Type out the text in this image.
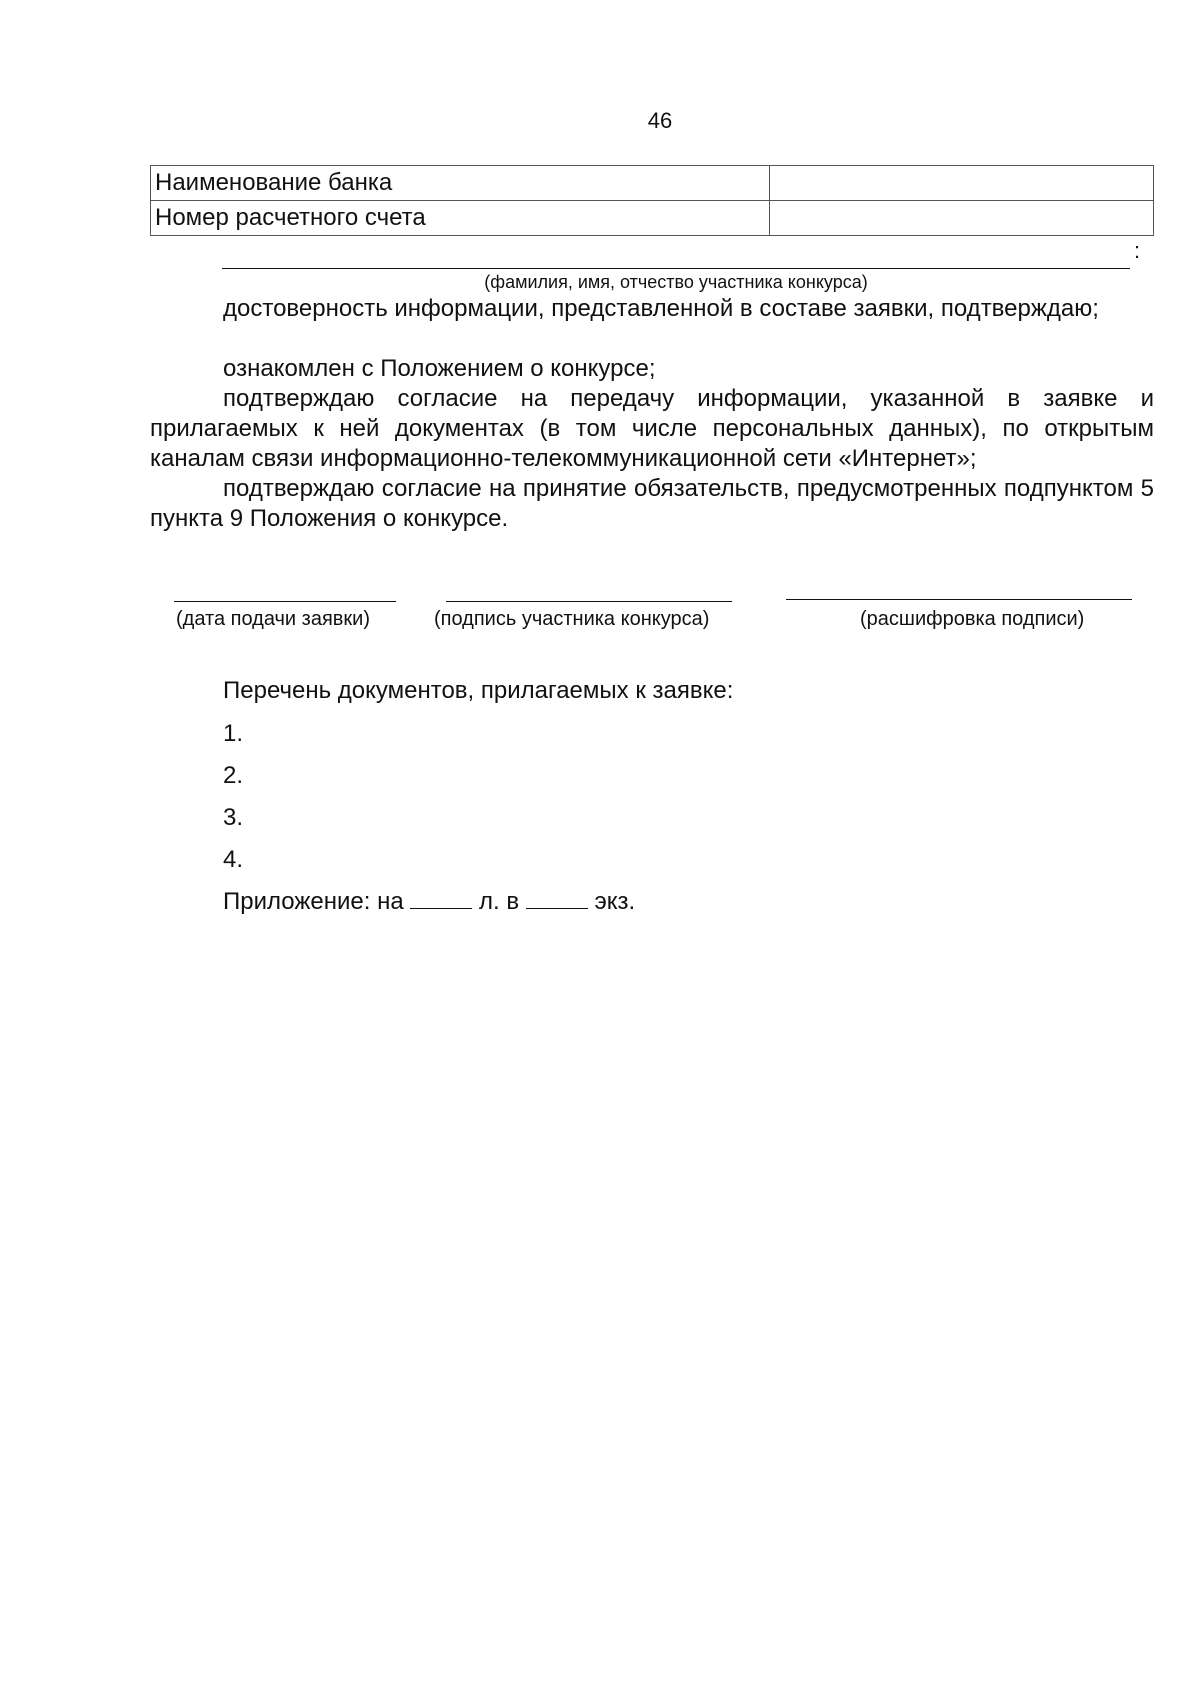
46
Наименование банка	
Номер расчетного счета	
:
(фамилия, имя, отчество участника конкурса)
достоверность информации, представленной в составе заявки, подтверждаю;
ознакомлен с Положением о конкурсе;
подтверждаю согласие на передачу информации, указанной в заявке и прилагаемых к ней документах (в том числе персональных данных), по открытым каналам связи информационно-телекоммуникационной сети «Интернет»;
подтверждаю согласие на принятие обязательств, предусмотренных подпунктом 5 пункта 9 Положения о конкурсе.
(дата подачи заявки)	(подпись участника конкурса)	(расшифровка подписи)
Перечень документов, прилагаемых к заявке:
1.
2.
3.
4.
Приложение: на	л. в	экз.
